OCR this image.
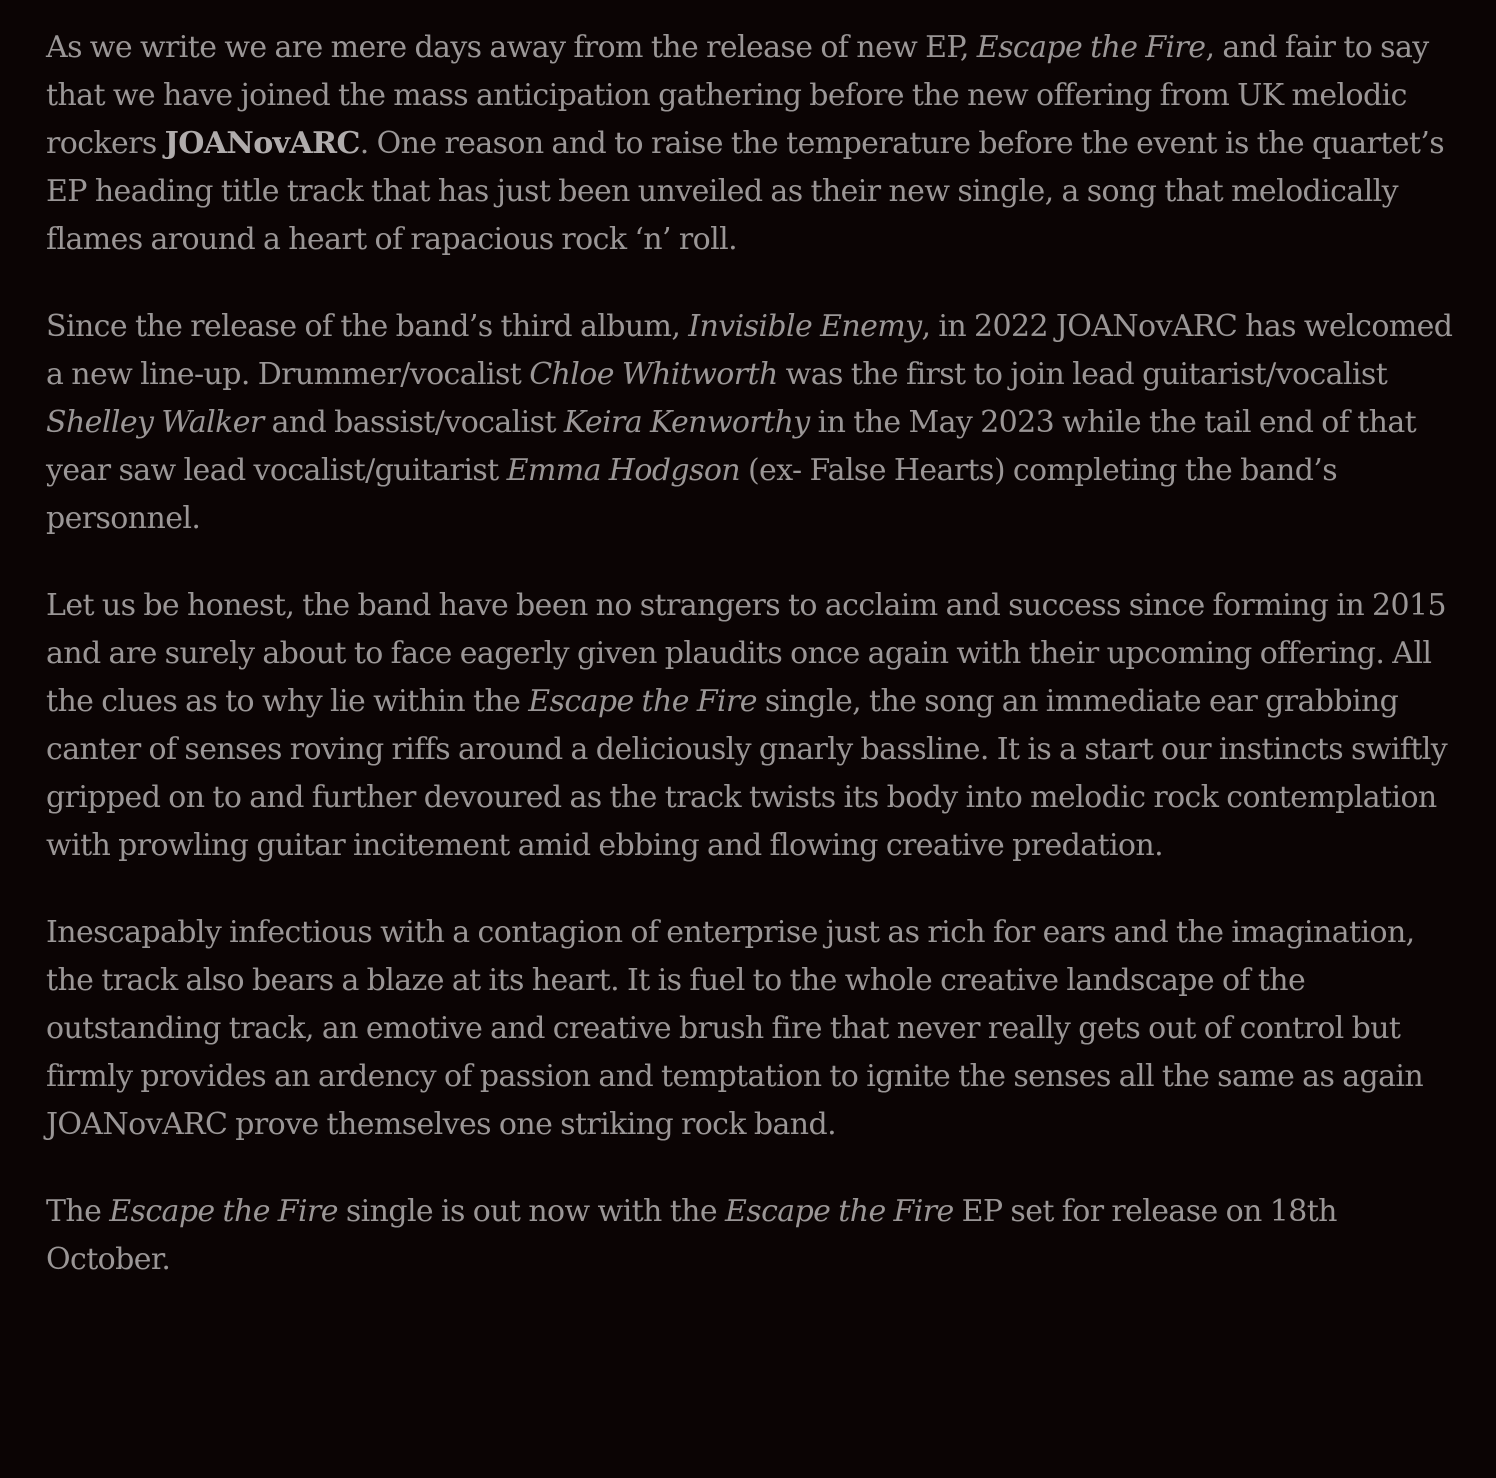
As we write we are mere days away from the release of new EP, Escape the Fire, and fair to say that we have joined the mass anticipation gathering before the new offering from UK melodic rockers JOANovARC. One reason and to raise the temperature before the event is the quartet’s EP heading title track that has just been unveiled as their new single, a song that melodically flames around a heart of rapacious rock ‘n’ roll.

Since the release of the band’s third album, Invisible Enemy, in 2022 JOANovARC has welcomed a new line-up. Drummer/vocalist Chloe Whitworth was the first to join lead guitarist/vocalist Shelley Walker and bassist/vocalist Keira Kenworthy in the May 2023 while the tail end of that year saw lead vocalist/guitarist Emma Hodgson (ex- False Hearts) completing the band’s personnel.

Let us be honest, the band have been no strangers to acclaim and success since forming in 2015 and are surely about to face eagerly given plaudits once again with their upcoming offering. All the clues as to why lie within the Escape the Fire single, the song an immediate ear grabbing canter of senses roving riffs around a deliciously gnarly bassline. It is a start our instincts swiftly gripped on to and further devoured as the track twists its body into melodic rock contemplation with prowling guitar incitement amid ebbing and flowing creative predation.

Inescapably infectious with a contagion of enterprise just as rich for ears and the imagination, the track also bears a blaze at its heart. It is fuel to the whole creative landscape of the outstanding track, an emotive and creative brush fire that never really gets out of control but firmly provides an ardency of passion and temptation to ignite the senses all the same as again JOANovARC prove themselves one striking rock band.

The Escape the Fire single is out now with the Escape the Fire EP set for release on 18th October.
